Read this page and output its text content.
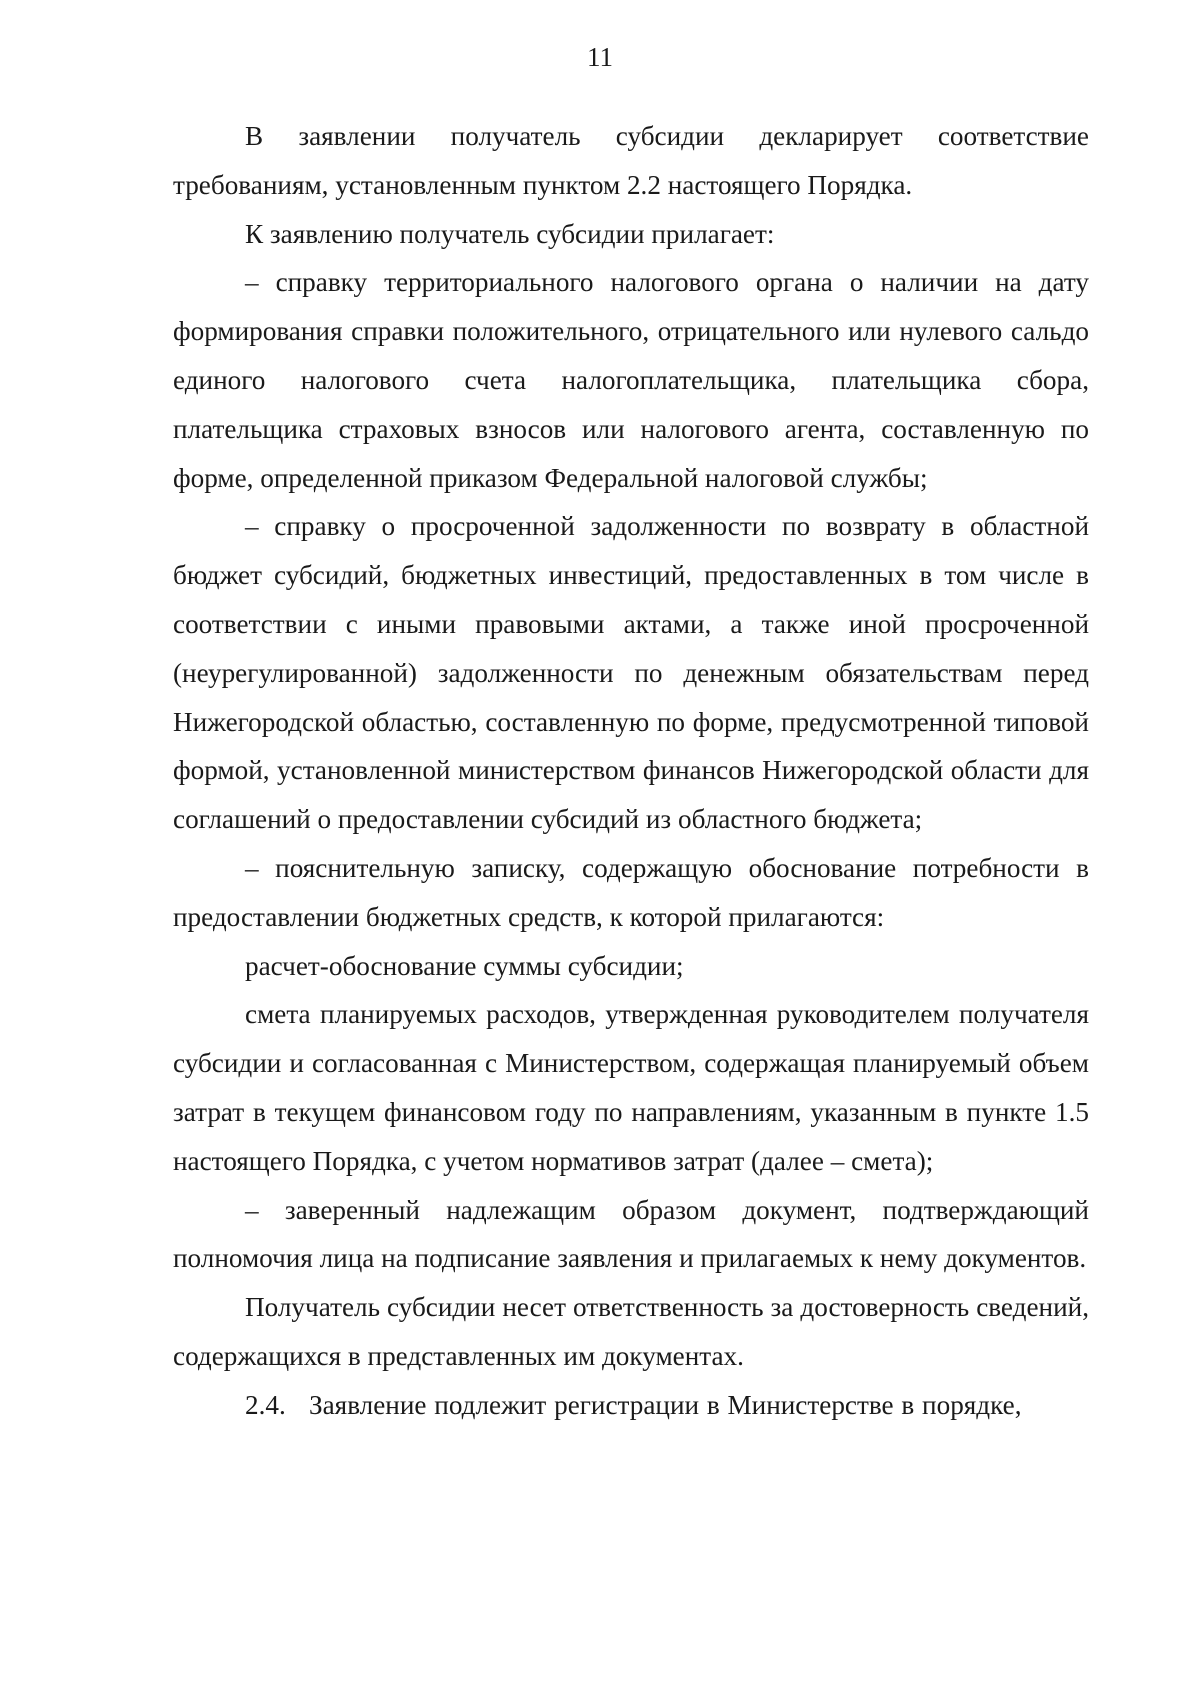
11

В заявлении получатель субсидии декларирует соответствие требованиям, установленным пунктом 2.2 настоящего Порядка.

К заявлению получатель субсидии прилагает:

– справку территориального налогового органа о наличии на дату формирования справки положительного, отрицательного или нулевого сальдо единого налогового счета налогоплательщика, плательщика сбора, плательщика страховых взносов или налогового агента, составленную по форме, определенной приказом Федеральной налоговой службы;

– справку о просроченной задолженности по возврату в областной бюджет субсидий, бюджетных инвестиций, предоставленных в том числе в соответствии с иными правовыми актами, а также иной просроченной (неурегулированной) задолженности по денежным обязательствам перед Нижегородской областью, составленную по форме, предусмотренной типовой формой, установленной министерством финансов Нижегородской области для соглашений о предоставлении субсидий из областного бюджета;

– пояснительную записку, содержащую обоснование потребности в предоставлении бюджетных средств, к которой прилагаются:

расчет-обоснование суммы субсидии;

смета планируемых расходов, утвержденная руководителем получателя субсидии и согласованная с Министерством, содержащая планируемый объем затрат в текущем финансовом году по направлениям, указанным в пункте 1.5 настоящего Порядка, с учетом нормативов затрат (далее – смета);

– заверенный надлежащим образом документ, подтверждающий полномочия лица на подписание заявления и прилагаемых к нему документов.

Получатель субсидии несет ответственность за достоверность сведений, содержащихся в представленных им документах.

2.4. Заявление подлежит регистрации в Министерстве в порядке,
